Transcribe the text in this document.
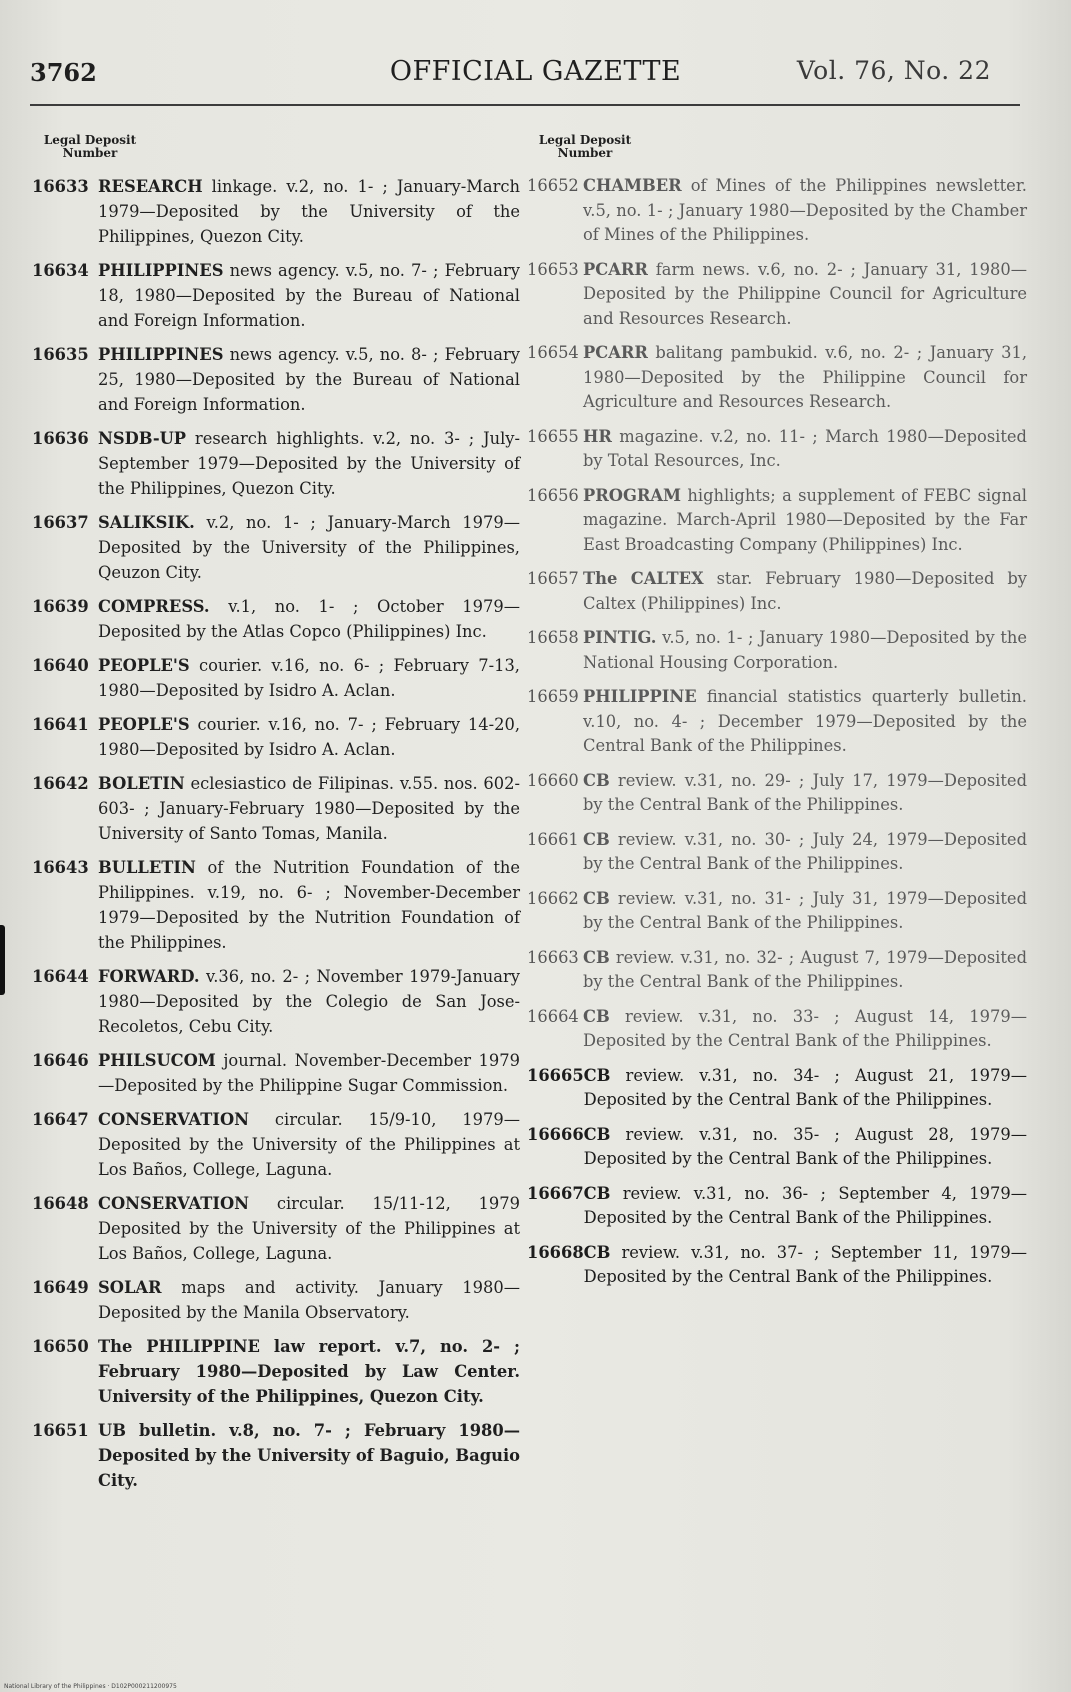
3762	OFFICIAL GAZETTE	Vol. 76, No. 22
Legal Deposit
Number
16633 RESEARCH linkage. v.2, no. 1- ; January-March 1979—Deposited by the University of the Philippines, Quezon City.
16634 PHILIPPINES news agency. v.5, no. 7- ; February 18, 1980—Deposited by the Bureau of National and Foreign Information.
16635 PHILIPPINES news agency. v.5, no. 8- ; February 25, 1980—Deposited by the Bureau of National and Foreign Information.
16636 NSDB-UP research highlights. v.2, no. 3- ; July-September 1979—Deposited by the University of the Philippines, Quezon City.
16637 SALIKSIK. v.2, no. 1- ; January-March 1979—Deposited by the University of the Philippines, Qeuzon City.
16639 COMPRESS. v.1, no. 1- ; October 1979—Deposited by the Atlas Copco (Philippines) Inc.
16640 PEOPLE'S courier. v.16, no. 6- ; February 7-13, 1980—Deposited by Isidro A. Aclan.
16641 PEOPLE'S courier. v.16, no. 7- ; February 14-20, 1980—Deposited by Isidro A. Aclan.
16642 BOLETIN eclesiastico de Filipinas. v.55. nos. 602-603- ; January-February 1980—Deposited by the University of Santo Tomas, Manila.
16643 BULLETIN of the Nutrition Foundation of the Philippines. v.19, no. 6- ; November-December 1979—Deposited by the Nutrition Foundation of the Philippines.
16644 FORWARD. v.36, no. 2- ; November 1979-January 1980—Deposited by the Colegio de San Jose-Recoletos, Cebu City.
16646 PHILSUCOM journal. November-December 1979—Deposited by the Philippine Sugar Commission.
16647 CONSERVATION circular. 15/9-10, 1979—Deposited by the University of the Philippines at Los Baños, College, Laguna.
16648 CONSERVATION circular. 15/11-12, 1979 Deposited by the University of the Philippines at Los Baños, College, Laguna.
16649 SOLAR maps and activity. January 1980—Deposited by the Manila Observatory.
16650 The PHILIPPINE law report. v.7, no. 2- ; February 1980—Deposited by Law Center. University of the Philippines, Quezon City.
16651 UB bulletin. v.8, no. 7- ; February 1980—Deposited by the University of Baguio, Baguio City.
Legal Deposit
Number
16652 CHAMBER of Mines of the Philippines newsletter. v.5, no. 1- ; January 1980—Deposited by the Chamber of Mines of the Philippines.
16653 PCARR farm news. v.6, no. 2- ; January 31, 1980—Deposited by the Philippine Council for Agriculture and Resources Research.
16654 PCARR balitang pambukid. v.6, no. 2- ; January 31, 1980—Deposited by the Philippine Council for Agriculture and Resources Research.
16655 HR magazine. v.2, no. 11- ; March 1980—Deposited by Total Resources, Inc.
16656 PROGRAM highlights; a supplement of FEBC signal magazine. March-April 1980—Deposited by the Far East Broadcasting Company (Philippines) Inc.
16657 The CALTEX star. February 1980—Deposited by Caltex (Philippines) Inc.
16658 PINTIG. v.5, no. 1- ; January 1980—Deposited by the National Housing Corporation.
16659 PHILIPPINE financial statistics quarterly bulletin. v.10, no. 4- ; December 1979—Deposited by the Central Bank of the Philippines.
16660 CB review. v.31, no. 29- ; July 17, 1979—Deposited by the Central Bank of the Philippines.
16661 CB review. v.31, no. 30- ; July 24, 1979—Deposited by the Central Bank of the Philippines.
16662 CB review. v.31, no. 31- ; July 31, 1979—Deposited by the Central Bank of the Philippines.
16663 CB review. v.31, no. 32- ; August 7, 1979—Deposited by the Central Bank of the Philippines.
16664 CB review. v.31, no. 33- ; August 14, 1979—Deposited by the Central Bank of the Philippines.
16665 CB review. v.31, no. 34- ; August 21, 1979—Deposited by the Central Bank of the Philippines.
16666 CB review. v.31, no. 35- ; August 28, 1979—Deposited by the Central Bank of the Philippines.
16667 CB review. v.31, no. 36- ; September 4, 1979—Deposited by the Central Bank of the Philippines.
16668 CB review. v.31, no. 37- ; September 11, 1979—Deposited by the Central Bank of the Philippines.
National Library of the Philippines · D102P000211200975
